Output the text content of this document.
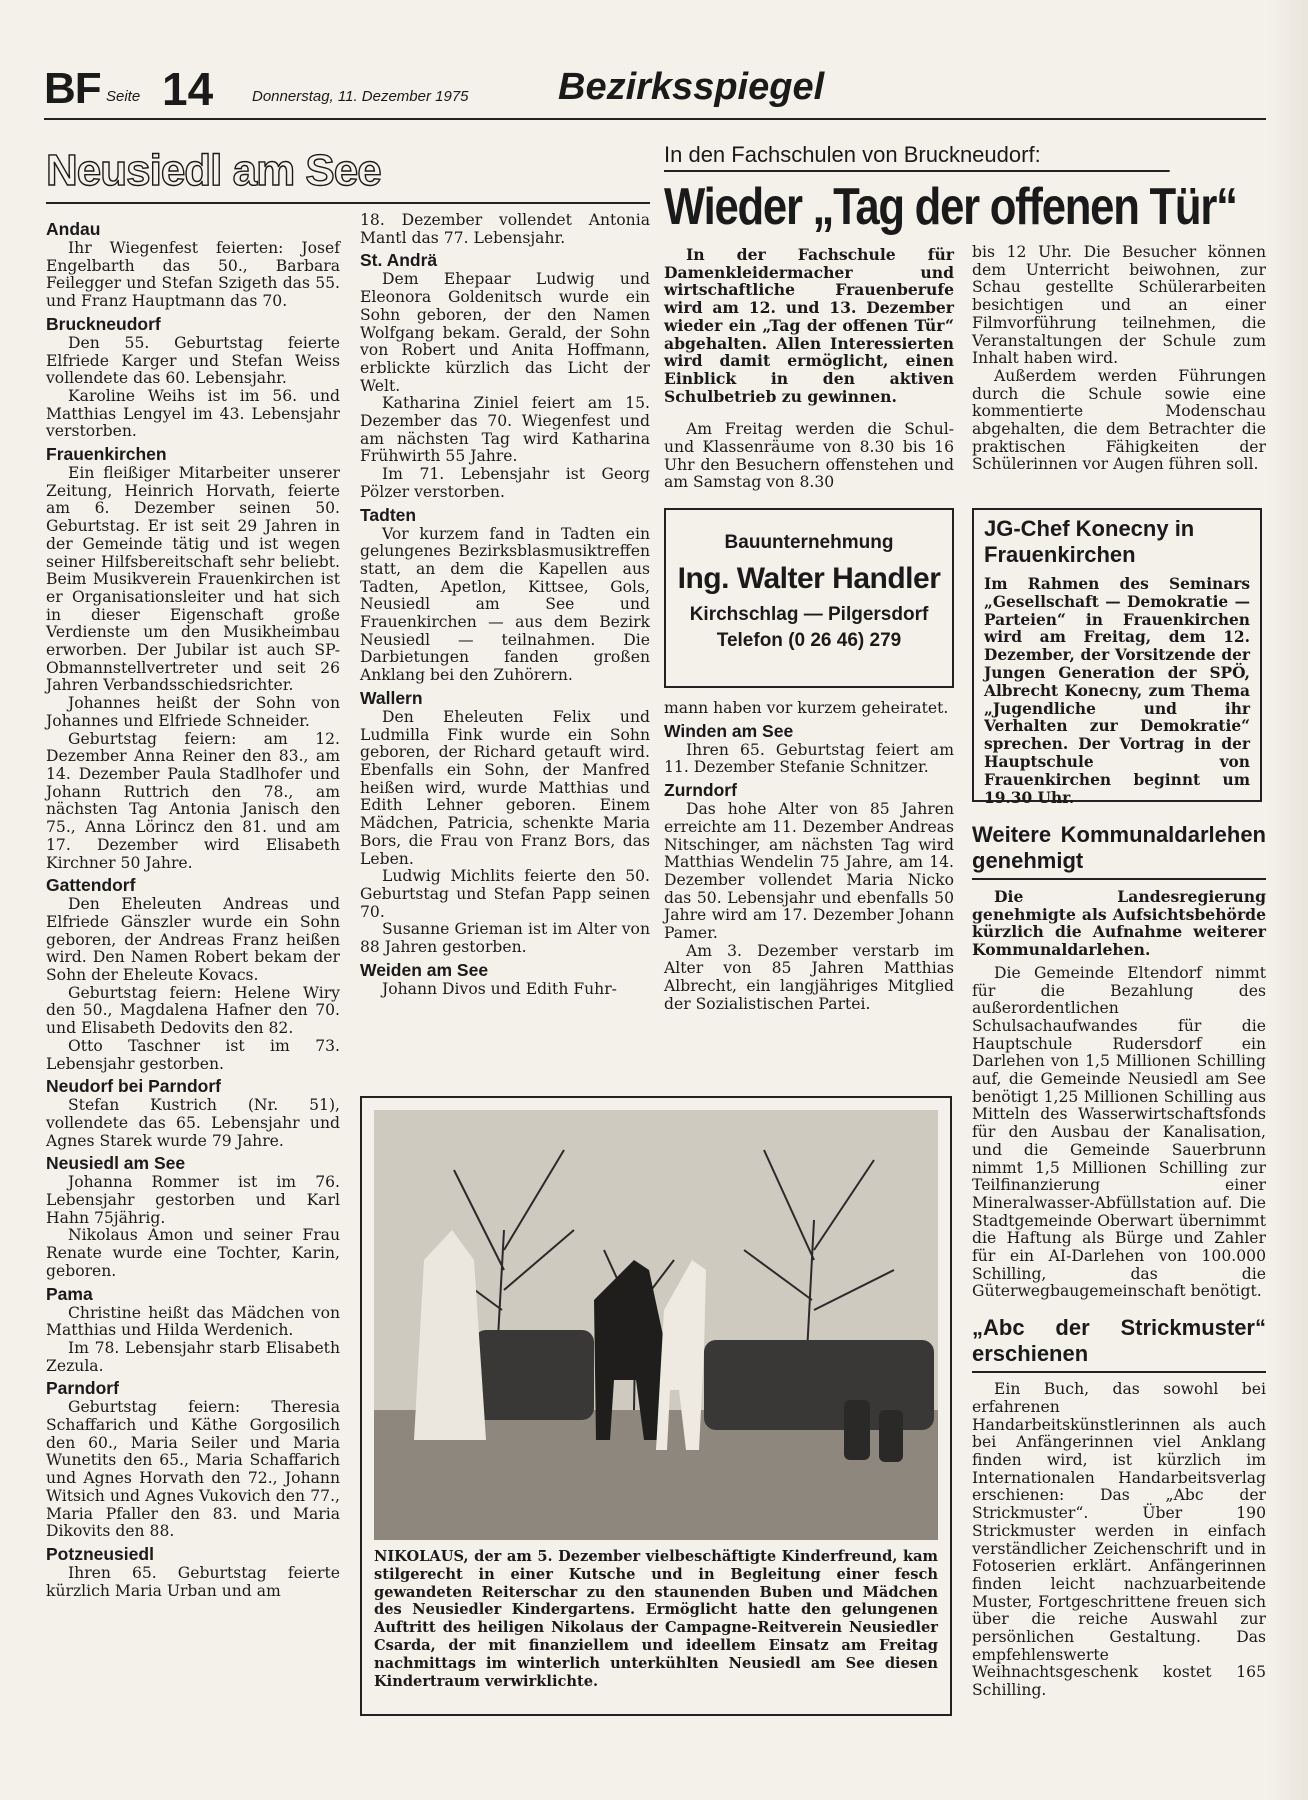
BF Seite 14	Donnerstag, 11. Dezember 1975 Bezirksspiegel
Neusiedl am See
Andau

Ihr Wiegenfest feierten: Josef Engelbarth das 50., Barbara Feilegger und Stefan Szigeth das 55. und Franz Hauptmann das 70.

Bruckneudorf

Den 55. Geburtstag feierte Elfriede Karger und Stefan Weiss vollendete das 60. Lebensjahr.

Karoline Weihs ist im 56. und Matthias Lengyel im 43. Lebensjahr verstorben.

Frauenkirchen

Ein fleißiger Mitarbeiter unserer Zeitung, Heinrich Horvath, feierte am 6. Dezember seinen 50. Geburtstag. Er ist seit 29 Jahren in der Gemeinde tätig und ist wegen seiner Hilfsbereitschaft sehr beliebt. Beim Musikverein Frauenkirchen ist er Organisationsleiter und hat sich in dieser Eigenschaft große Verdienste um den Musikheimbau erworben. Der Jubilar ist auch SP-Obmannstellvertreter und seit 26 Jahren Verbandsschiedsrichter.

Johannes heißt der Sohn von Johannes und Elfriede Schneider.

Geburtstag feiern: am 12. Dezember Anna Reiner den 83., am 14. Dezember Paula Stadlhofer und Johann Ruttrich den 78., am nächsten Tag Antonia Janisch den 75., Anna Lörincz den 81. und am 17. Dezember wird Elisabeth Kirchner 50 Jahre.

Gattendorf

Den Eheleuten Andreas und Elfriede Gänszler wurde ein Sohn geboren, der Andreas Franz heißen wird. Den Namen Robert bekam der Sohn der Eheleute Kovacs.

Geburtstag feiern: Helene Wiry den 50., Magdalena Hafner den 70. und Elisabeth Dedovits den 82.

Otto Taschner ist im 73. Lebensjahr gestorben.

Neudorf bei Parndorf

Stefan Kustrich (Nr. 51), vollendete das 65. Lebensjahr und Agnes Starek wurde 79 Jahre.

Neusiedl am See

Johanna Rommer ist im 76. Lebensjahr gestorben und Karl Hahn 75jährig.

Nikolaus Amon und seiner Frau Renate wurde eine Tochter, Karin, geboren.

Pama

Christine heißt das Mädchen von Matthias und Hilda Werdenich.

Im 78. Lebensjahr starb Elisabeth Zezula.

Parndorf

Geburtstag feiern: Theresia Schaffarich und Käthe Gorgosilich den 60., Maria Seiler und Maria Wunetits den 65., Maria Schaffarich und Agnes Horvath den 72., Johann Witsich und Agnes Vukovich den 77., Maria Pfaller den 83. und Maria Dikovits den 88.

Potzneusiedl

Ihren 65. Geburtstag feierte kürzlich Maria Urban und am

18. Dezember vollendet Antonia Mantl das 77. Lebensjahr.

St. Andrä

Dem Ehepaar Ludwig und Eleonora Goldenitsch wurde ein Sohn geboren, der den Namen Wolfgang bekam. Gerald, der Sohn von Robert und Anita Hoffmann, erblickte kürzlich das Licht der Welt.

Katharina Ziniel feiert am 15. Dezember das 70. Wiegenfest und am nächsten Tag wird Katharina Frühwirth 55 Jahre.

Im 71. Lebensjahr ist Georg Pölzer verstorben.

Tadten

Vor kurzem fand in Tadten ein gelungenes Bezirksblasmusiktreffen statt, an dem die Kapellen aus Tadten, Apetlon, Kittsee, Gols, Neusiedl am See und Frauenkirchen — aus dem Bezirk Neusiedl — teilnahmen. Die Darbietungen fanden großen Anklang bei den Zuhörern.

Wallern

Den Eheleuten Felix und Ludmilla Fink wurde ein Sohn geboren, der Richard getauft wird. Ebenfalls ein Sohn, der Manfred heißen wird, wurde Matthias und Edith Lehner geboren. Einem Mädchen, Patricia, schenkte Maria Bors, die Frau von Franz Bors, das Leben.

Ludwig Michlits feierte den 50. Geburtstag und Stefan Papp seinen 70.

Susanne Grieman ist im Alter von 88 Jahren gestorben.

Weiden am See

Johann Divos und Edith Fuhr-

In den Fachschulen von Bruckneudorf:
Wieder „Tag der offenen Tür“

In der Fachschule für Damenkleidermacher und wirtschaftliche Frauenberufe wird am 12. und 13. Dezember wieder ein „Tag der offenen Tür“ abgehalten. Allen Interessierten wird damit ermöglicht, einen Einblick in den aktiven Schulbetrieb zu gewinnen.

Am Freitag werden die Schul- und Klassenräume von 8.30 bis 16 Uhr den Besuchern offenstehen und am Samstag von 8.30

bis 12 Uhr. Die Besucher können dem Unterricht beiwohnen, zur Schau gestellte Schülerarbeiten besichtigen und an einer Filmvorführung teilnehmen, die Veranstaltungen der Schule zum Inhalt haben wird.

Außerdem werden Führungen durch die Schule sowie eine kommentierte Modenschau abgehalten, die dem Betrachter die praktischen Fähigkeiten der Schülerinnen vor Augen führen soll.

Bauunternehmung
Ing. Walter Handler
Kirchschlag — Pilgersdorf
Telefon (0 26 46) 279

mann haben vor kurzem geheiratet.

Winden am See

Ihren 65. Geburtstag feiert am 11. Dezember Stefanie Schnitzer.

Zurndorf

Das hohe Alter von 85 Jahren erreichte am 11. Dezember Andreas Nitschinger, am nächsten Tag wird Matthias Wendelin 75 Jahre, am 14. Dezember vollendet Maria Nicko das 50. Lebensjahr und ebenfalls 50 Jahre wird am 17. Dezember Johann Pamer.

Am 3. Dezember verstarb im Alter von 85 Jahren Matthias Albrecht, ein langjähriges Mitglied der Sozialistischen Partei.

JG-Chef Konecny in Frauenkirchen

Im Rahmen des Seminars „Gesellschaft — Demokratie — Parteien“ in Frauenkirchen wird am Freitag, dem 12. Dezember, der Vorsitzende der Jungen Generation der SPÖ, Albrecht Konecny, zum Thema „Jugendliche und ihr Verhalten zur Demokratie“ sprechen. Der Vortrag in der Hauptschule von Frauenkirchen beginnt um 19.30 Uhr.

Weitere Kommunaldarlehen genehmigt

Die Landesregierung genehmigte als Aufsichtsbehörde kürzlich die Aufnahme weiterer Kommunaldarlehen.

Die Gemeinde Eltendorf nimmt für die Bezahlung des außerordentlichen Schulsachaufwandes für die Hauptschule Rudersdorf ein Darlehen von 1,5 Millionen Schilling auf, die Gemeinde Neusiedl am See benötigt 1,25 Millionen Schilling aus Mitteln des Wasserwirtschaftsfonds für den Ausbau der Kanalisation, und die Gemeinde Sauerbrunn nimmt 1,5 Millionen Schilling zur Teilfinanzierung einer Mineralwasser-Abfüllstation auf. Die Stadtgemeinde Oberwart übernimmt die Haftung als Bürge und Zahler für ein AI-Darlehen von 100.000 Schilling, das die Güterwegbaugemeinschaft benötigt.

„Abc der Strickmuster“ erschienen

Ein Buch, das sowohl bei erfahrenen Handarbeitskünstlerinnen als auch bei Anfängerinnen viel Anklang finden wird, ist kürzlich im Internationalen Handarbeitsverlag erschienen: Das „Abc der Strickmuster“. Über 190 Strickmuster werden in einfach verständlicher Zeichenschrift und in Fotoserien erklärt. Anfängerinnen finden leicht nachzuarbeitende Muster, Fortgeschrittene freuen sich über die reiche Auswahl zur persönlichen Gestaltung. Das empfehlenswerte Weihnachtsgeschenk kostet 165 Schilling.

NIKOLAUS, der am 5. Dezember vielbeschäftigte Kinderfreund, kam stilgerecht in einer Kutsche und in Begleitung einer fesch gewandeten Reiterschar zu den staunenden Buben und Mädchen des Neusiedler Kindergartens. Ermöglicht hatte den gelungenen Auftritt des heiligen Nikolaus der Campagne-Reitverein Neusiedler Csarda, der mit finanziellem und ideellem Einsatz am Freitag nachmittags im winterlich unterkühlten Neusiedl am See diesen Kindertraum verwirklichte.
